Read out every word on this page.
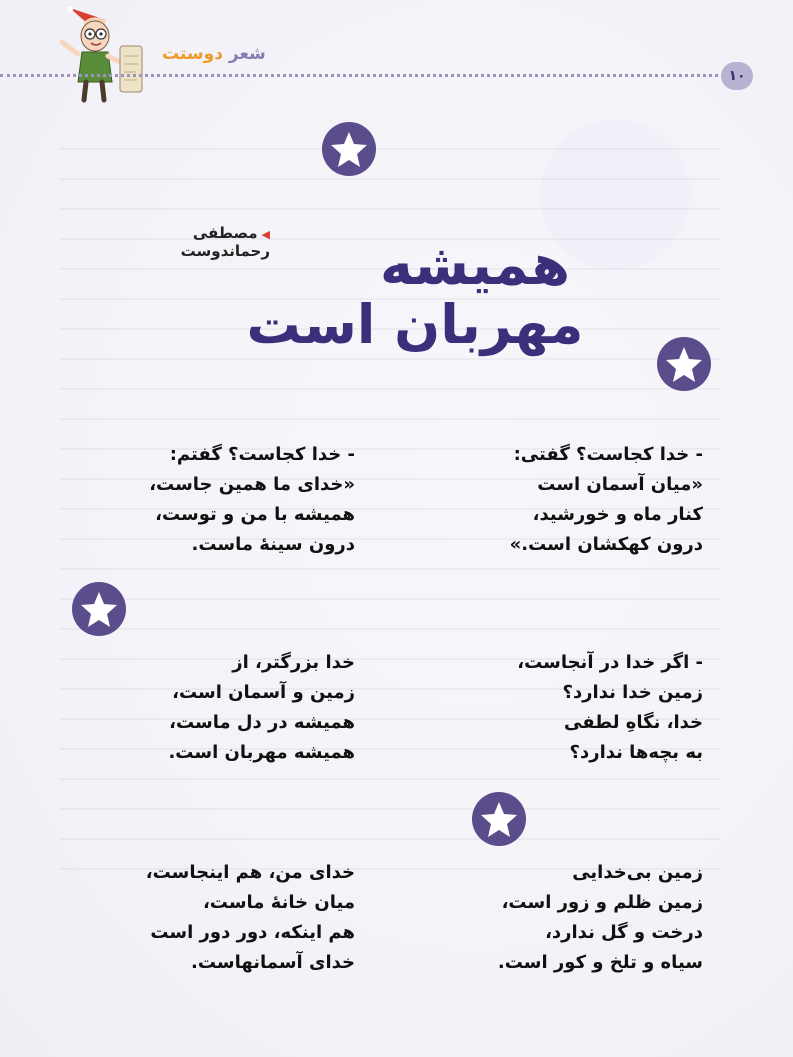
شعر دوستت
۱۰
◀مصطفی رحماندوست	همیشه
مهربان است
- خدا کجاست؟ گفتی:
«میان آسمان است
کنار ماه و خورشید،
درون کهکشان است.»
- خدا کجاست؟ گفتم:
«خدای ما همین جاست،
همیشه با من و توست،
درون سینهٔ ماست.
- اگر خدا در آنجاست،
زمین خدا ندارد؟
خدا، نگاهِ لطفی
به بچه‌ها ندارد؟
خدا بزرگتر، از
زمین و آسمان است،
همیشه در دل ماست،
همیشه مهربان است.
زمین بی‌خدایی
زمین ظلم و زور است،
درخت و گل ندارد،
سیاه و تلخ و کور است.
خدای من، هم اینجاست،
میان خانهٔ ماست،
هم اینکه، دور دور است
خدای آسمانهاست.
